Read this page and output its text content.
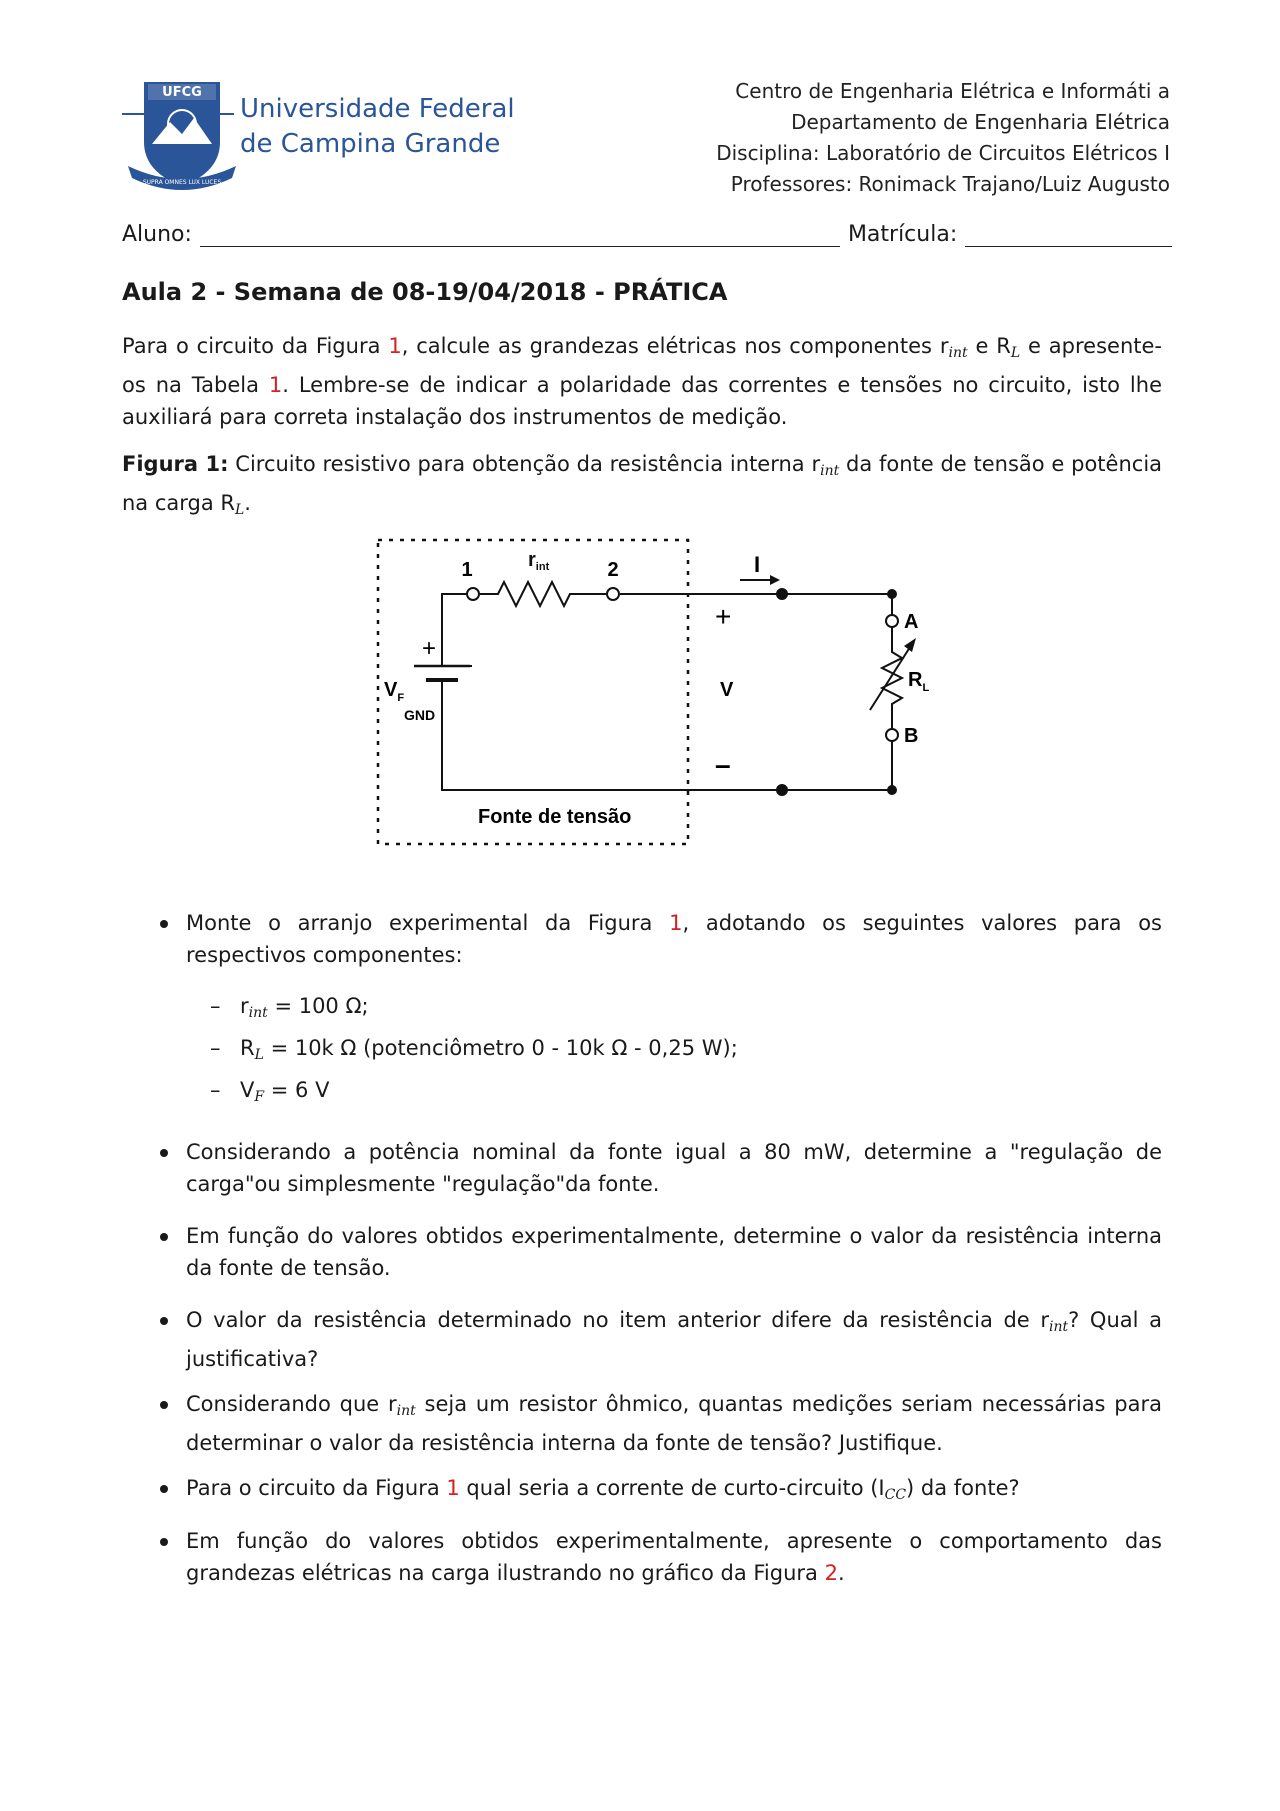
UFCG
SUPRA OMNES LUX LUCES
Universidade Federal
de Campina Grande
Centro de Engenharia Elétrica e Informáti a
Departamento de Engenharia Elétrica
Disciplina: Laboratório de Circuitos Elétricos I
Professores: Ronimack Trajano/Luiz Augusto
Aluno:	Matrícula:
Aula 2 - Semana de 08-19/04/2018 - PRÁTICA
Para o circuito da Figura 1, calcule as grandezas elétricas nos componentes $r_{int}$ e $R_L$ e apresente-os na Tabela 1. Lembre-se de indicar a polaridade das correntes e tensões no circuito, isto lhe auxiliará para correta instalação dos instrumentos de medição.
Figura 1: Circuito resistivo para obtenção da resistência interna $r_{int}$ da fonte de tensão e potência na carga $R_L$.
$r_{int}$
1	2	I
+
V
–
+
$V_F$
GND
A
B
$R_L$
Fonte de tensão
Monte o arranjo experimental da Figura 1, adotando os seguintes valores para os respectivos componentes:
– $r_{int} = 100$ Ω;
– $R_L = 10k$ Ω (potenciômetro 0 - 10k Ω - 0,25 W);
– $V_F = 6$ V
Considerando a potência nominal da fonte igual a 80 mW, determine a "regulação de carga"ou simplesmente "regulação"da fonte.
Em função do valores obtidos experimentalmente, determine o valor da resistência interna da fonte de tensão.
O valor da resistência determinado no item anterior difere da resistência de $r_{int}$? Qual a justificativa?
Considerando que $r_{int}$ seja um resistor ôhmico, quantas medições seriam necessárias para determinar o valor da resistência interna da fonte de tensão? Justifique.
Para o circuito da Figura 1 qual seria a corrente de curto-circuito $(I_{CC})$ da fonte?
Em função do valores obtidos experimentalmente, apresente o comportamento das grandezas elétricas na carga ilustrando no gráfico da Figura 2.
